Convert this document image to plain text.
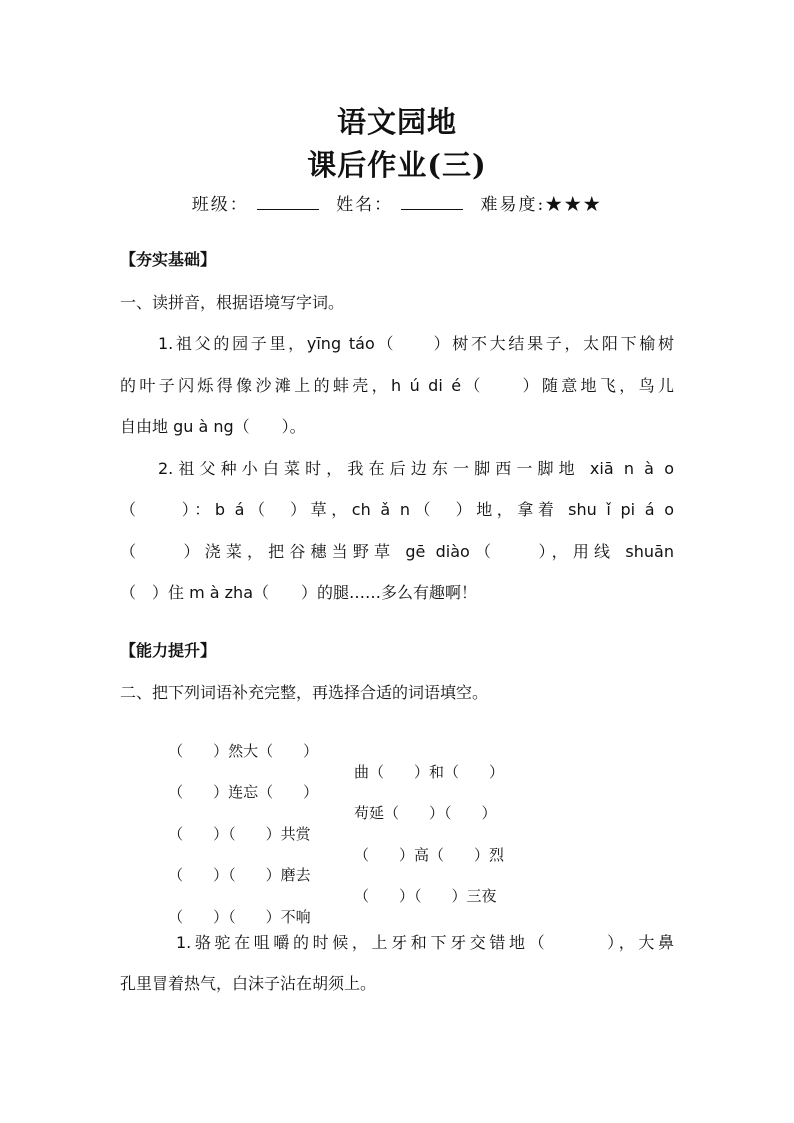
语文园地
课后作业(三)
班级：	姓名：	难易度:★★★
【夯实基础】
一、读拼音，根据语境写字词。
1.祖父的园子里，yīng táo（　　）树不大结果子，太阳下榆树
的叶子闪烁得像沙滩上的蚌壳，h ú di é（　　）随意地飞，鸟儿
自由地 gu à ng（　　）。
2.祖父种小白菜时，我在后边东一脚西一脚地 xiā n à o
（　　）：b á（　）草，ch ǎ n（　）地，拿着 shu ǐ pi á o
（　　）浇菜，把谷穗当野草 gē diào（　　），用线 shuān
（　）住 m à zha（　　）的腿……多么有趣啊！
【能力提升】
二、把下列词语补充完整，再选择合适的词语填空。

（　　）然大（　　）

曲（　　）和（　　）

（　　）连忘（　　）

苟延（　　）（　　）

（　　）（　　）共赏

（　　）高（　　）烈

（　　）（　　）磨去

（　　）（　　）三夜

（　　）（　　）不响

1.骆驼在咀嚼的时候，上牙和下牙交错地（　　　），大鼻
孔里冒着热气，白沫子沾在胡须上。
